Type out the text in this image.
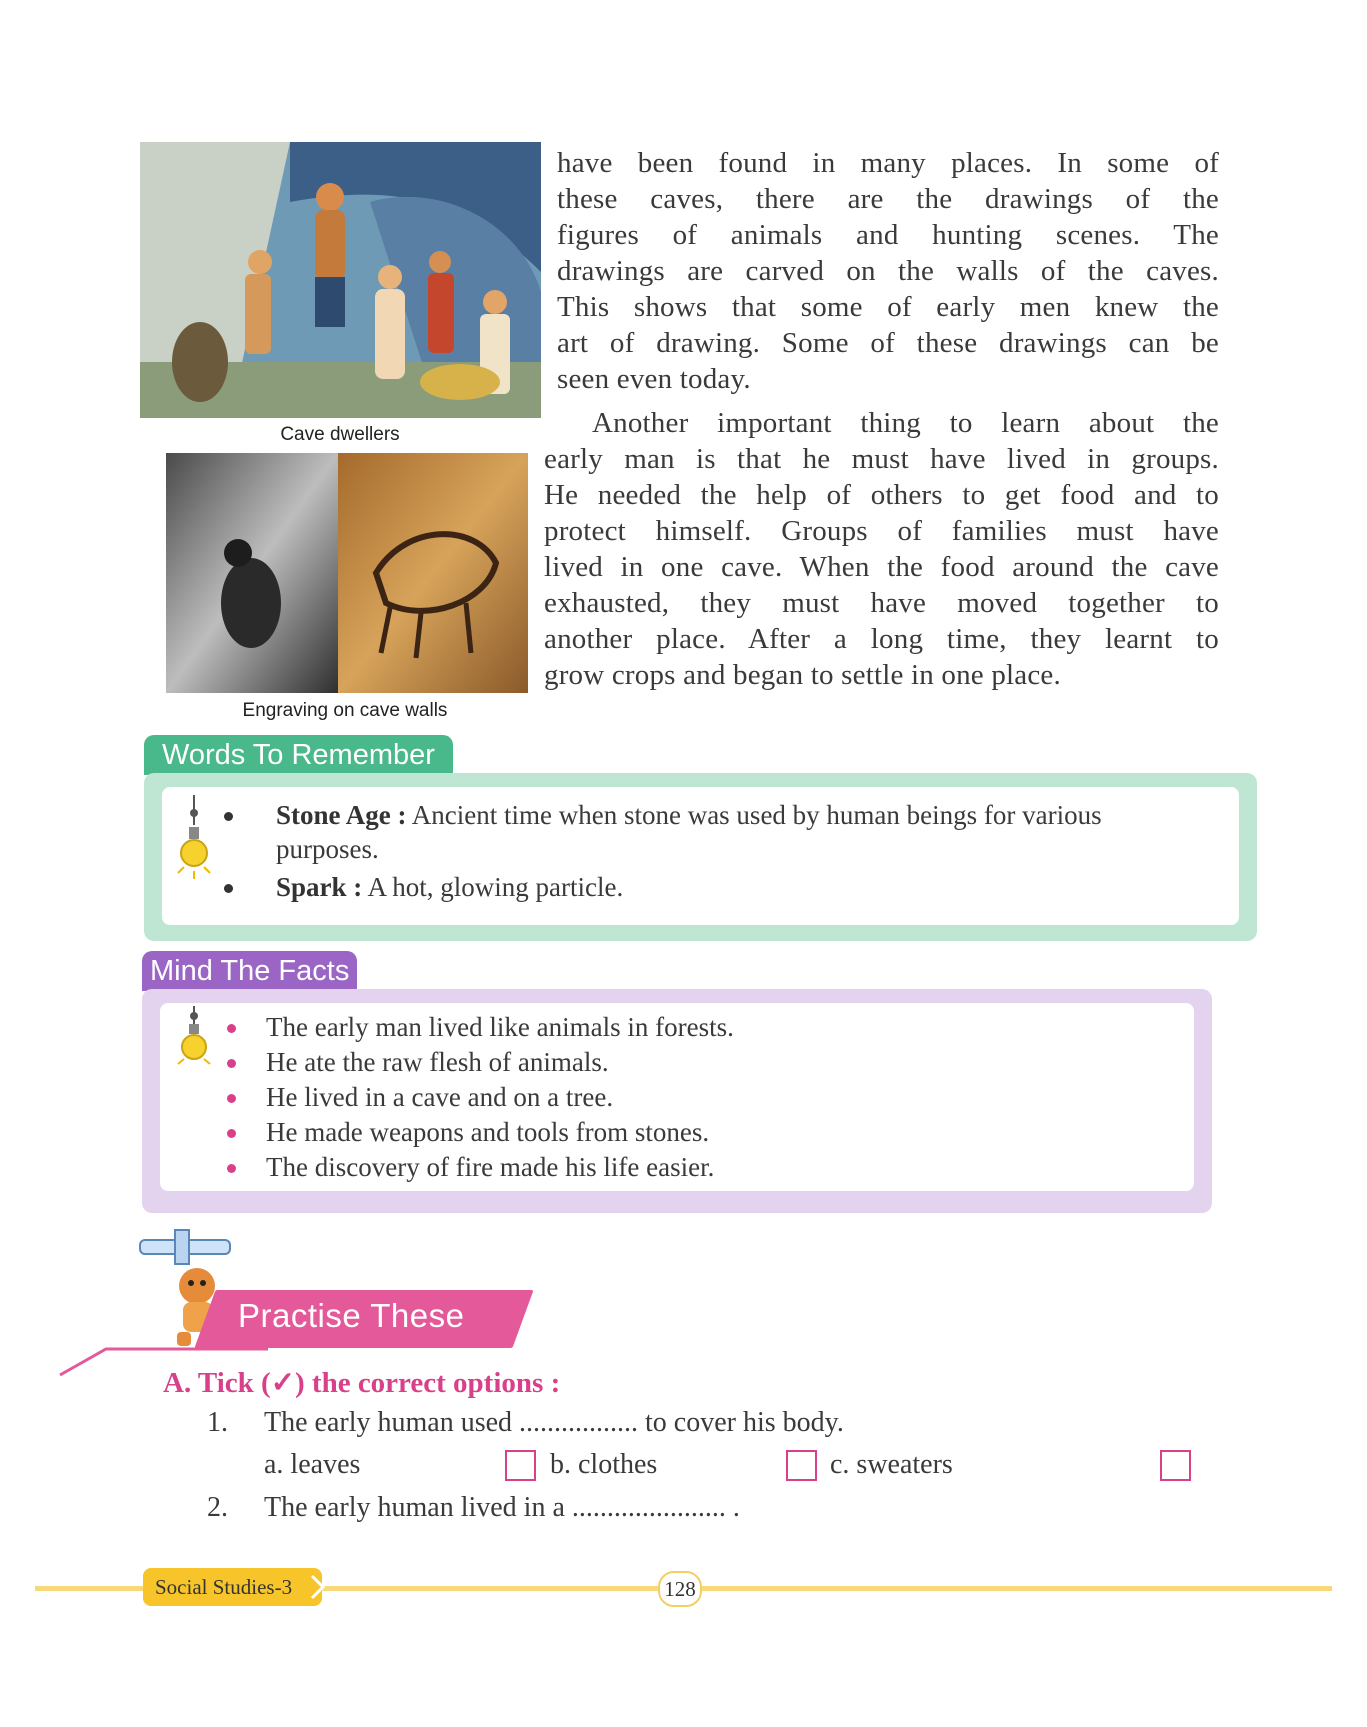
Cave dwellers
Engraving on cave walls
have been found in many places. In some of
these caves, there are the drawings of the
figures of animals and hunting scenes. The
drawings are carved on the walls of the caves.
This shows that some of early men knew the
art of drawing. Some of these drawings can be
seen even today.
Another important thing to learn about the
early man is that he must have lived in groups.
He needed the help of others to get food and to
protect himself. Groups of families must have
lived in one cave. When the food around the cave
exhausted, they must have moved together to
another place. After a long time, they learnt to
grow crops and began to settle in one place.
Words To Remember
Stone Age : Ancient time when stone was used by human beings for various
purposes.
Spark : A hot, glowing particle.
Mind The Facts
The early man lived like animals in forests.
He ate the raw flesh of animals.
He lived in a cave and on a tree.
He made weapons and tools from stones.
The discovery of fire made his life easier.
Practise These
A. Tick (✓) the correct options :
1. The early human used ................. to cover his body.
a. leaves	b. clothes	c. sweaters
2. The early human lived in a ...................... .
Social Studies-3	128
